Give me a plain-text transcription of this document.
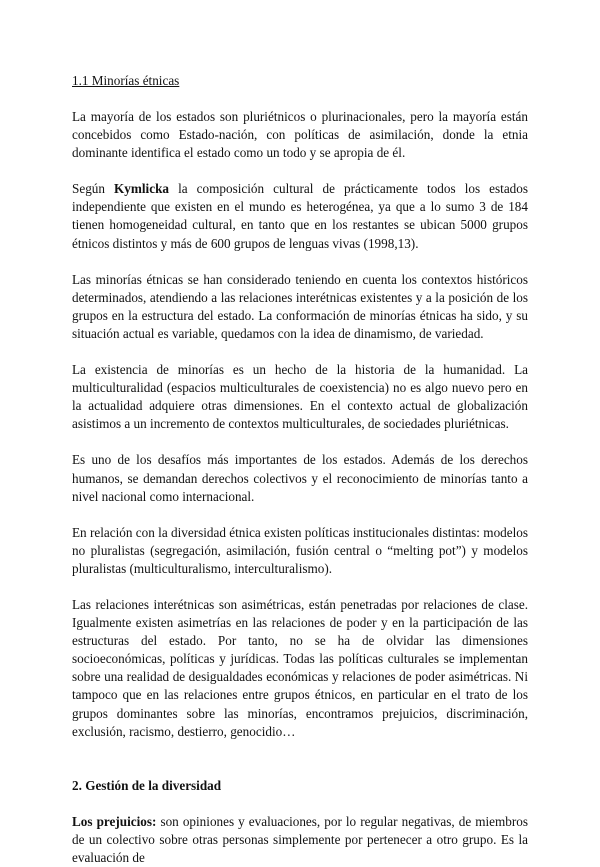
1.1 Minorías étnicas

La mayoría de los estados son pluriétnicos o plurinacionales, pero la mayoría están concebidos como Estado-nación, con políticas de asimilación, donde la etnia dominante identifica el estado como un todo y se apropia de él.

Según Kymlicka la composición cultural de prácticamente todos los estados independiente que existen en el mundo es heterogénea, ya que a lo sumo 3 de 184 tienen homogeneidad cultural, en tanto que en los restantes se ubican 5000 grupos étnicos distintos y más de 600 grupos de lenguas vivas (1998,13).

Las minorías étnicas se han considerado teniendo en cuenta los contextos históricos determinados, atendiendo a las relaciones interétnicas existentes y a la posición de los grupos en la estructura del estado. La conformación de minorías étnicas ha sido, y su situación actual es variable, quedamos con la idea de dinamismo, de variedad.

La existencia de minorías es un hecho de la historia de la humanidad. La multiculturalidad (espacios multiculturales de coexistencia) no es algo nuevo pero en la actualidad adquiere otras dimensiones. En el contexto actual de globalización asistimos a un incremento de contextos multiculturales, de sociedades pluriétnicas.

Es uno de los desafíos más importantes de los estados. Además de los derechos humanos, se demandan derechos colectivos y el reconocimiento de minorías tanto a nivel nacional como internacional.

En relación con la diversidad étnica existen políticas institucionales distintas: modelos no pluralistas (segregación, asimilación, fusión central o “melting pot”) y modelos pluralistas (multiculturalismo, interculturalismo).

Las relaciones interétnicas son asimétricas, están penetradas por relaciones de clase. Igualmente existen asimetrías en las relaciones de poder y en la participación de las estructuras del estado. Por tanto, no se ha de olvidar las dimensiones socioeconómicas, políticas y jurídicas. Todas las políticas culturales se implementan sobre una realidad de desigualdades económicas y relaciones de poder asimétricas. Ni tampoco que en las relaciones entre grupos étnicos, en particular en el trato de los grupos dominantes sobre las minorías, encontramos prejuicios, discriminación, exclusión, racismo, destierro, genocidio…

2. Gestión de la diversidad

Los prejuicios: son opiniones y evaluaciones, por lo regular negativas, de miembros de un colectivo sobre otras personas simplemente por pertenecer a otro grupo. Es la evaluación de
